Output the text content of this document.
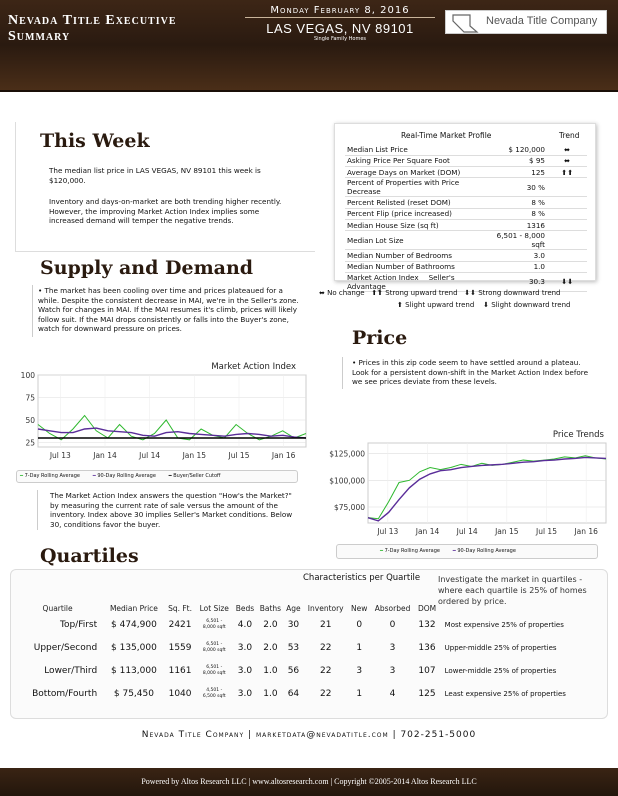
Nevada Title Executive
Summary
Monday February 8, 2016
LAS VEGAS, NV 89101
Single Family Homes
Nevada Title Company
This Week
The median list price in LAS VEGAS, NV 89101 this week is $120,000.
Inventory and days-on-market are both trending higher recently. However, the improving Market Action Index implies some increased demand will temper the negative trends.
Real-Time Market Profile	Trend
Median List Price	$ 120,000	⬌
Asking Price Per Square Foot	$ 95	⬌
Average Days on Market (DOM)	125	⬆⬆
Percent of Properties with Price Decrease	30 %	
Percent Relisted (reset DOM)	8 %	
Percent Flip (price increased)	8 %	
Median House Size (sq ft)	1316	
Median Lot Size	6,501 - 8,000 sqft	
Median Number of Bedrooms	3.0	
Median Number of Bathrooms	1.0	
Market Action Index Seller's Advantage	30.3	⬇⬇
⬌ No change ⬆⬆ Strong upward trend ⬇⬇ Strong downward trend
⬆ Slight upward trend ⬇ Slight downward trend
Supply and Demand
• The market has been cooling over time and prices plateaued for a while. Despite the consistent decrease in MAI, we're in the Seller's zone. Watch for changes in MAI. If the MAI resumes it's climb, prices will likely follow suit. If the MAI drops consistently or falls into the Buyer's zone, watch for downward pressure on prices.
100
75
50
25
Jul 13	Jan 14	Jul 14	Jan 15	Jul 15	Jan 16
Market Action Index
━ 7-Day Rolling Average	━ 90-Day Rolling Average	━ Buyer/Seller Cutoff
The Market Action Index answers the question "How's the Market?" by measuring the current rate of sale versus the amount of the inventory. Index above 30 implies Seller's Market conditions. Below 30, conditions favor the buyer.
Price
• Prices in this zip code seem to have settled around a plateau. Look for a persistent down-shift in the Market Action Index before we see prices deviate from these levels.
$125,000
$100,000
$75,000
Jul 13 Jan 14 Jul 14 Jan 15 Jul 15 Jan 16
Price Trends
━ 7-Day Rolling Average	━ 90-Day Rolling Average
Quartiles
Characteristics per Quartile Investigate the market in quartiles - where each quartile is 25% of homes ordered by price.
Quartile	Median Price	Sq. Ft.	Lot Size	Beds	Baths	Age	Inventory	New	Absorbed	DOM	
Top/First	$ 474,900	2421	6,501 -
8,000 sqft	4.0	2.0	30	21	0	0	132	Most expensive 25% of properties
Upper/Second	$ 135,000	1559	6,501 -
8,000 sqft	3.0	2.0	53	22	1	3	136	Upper-middle 25% of properties
Lower/Third	$ 113,000	1161	6,501 -
8,000 sqft	3.0	1.0	56	22	3	3	107	Lower-middle 25% of properties
Bottom/Fourth	$ 75,450	1040	4,501 -
6,500 sqft	3.0	1.0	64	22	1	4	125	Least expensive 25% of properties
Nevada Title Company | marketdata@nevadatitle.com | 702-251-5000
Powered by Altos Research LLC | www.altosresearch.com | Copyright ©2005-2014 Altos Research LLC
